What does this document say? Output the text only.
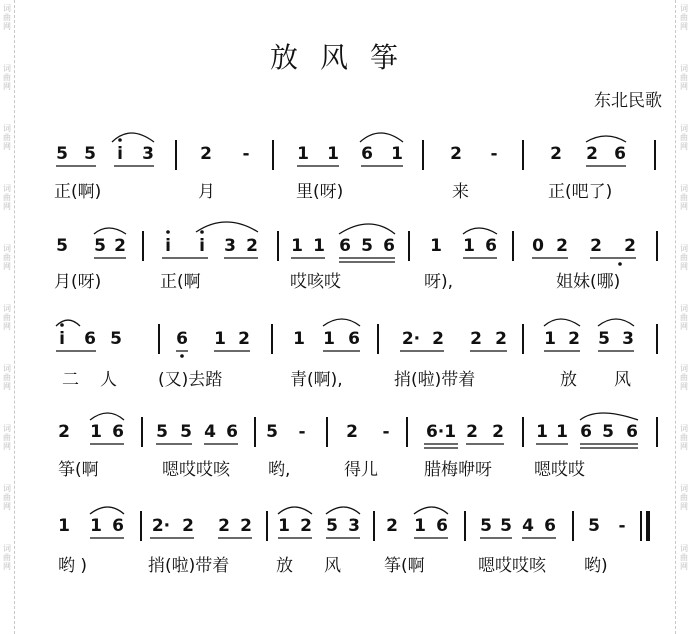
词曲网
词曲网
词曲网
词曲网
词曲网
词曲网
词曲网
词曲网
词曲网
词曲网
词曲网
词曲网
词曲网
词曲网
词曲网
词曲网
词曲网
词曲网
词曲网
词曲网
放风筝
东北民歌
5 5 i 3	2 -	1 1 6 1	2 -	2 2 6
正(啊)	月	里(呀)	来	正(吧了)
5 5 2 i i 3 2 1 1 6 5 6 1 1 6 0 2 2 2
月(呀)	正(啊	哎咳哎	呀),	姐妹(哪)
i 6 5	6 1 2	1 1 6 2· 2 2 2 1 2 5 3
二 人 (又)去踏	青(啊),	捎(啦)带着	放 风
2 1 6 5 5 4 6 5 - 2 - 6·1 2 2 1 1 6 5 6
筝(啊	嗯哎哎咳 哟,	得儿	腊梅咿呀 嗯哎哎
1 1 6 2· 2 2 2 1 2 5 3 2 1 6 5 5 4 6 5 -
哟 )	捎(啦)带着	放 风	筝(啊	嗯哎哎咳 哟)
